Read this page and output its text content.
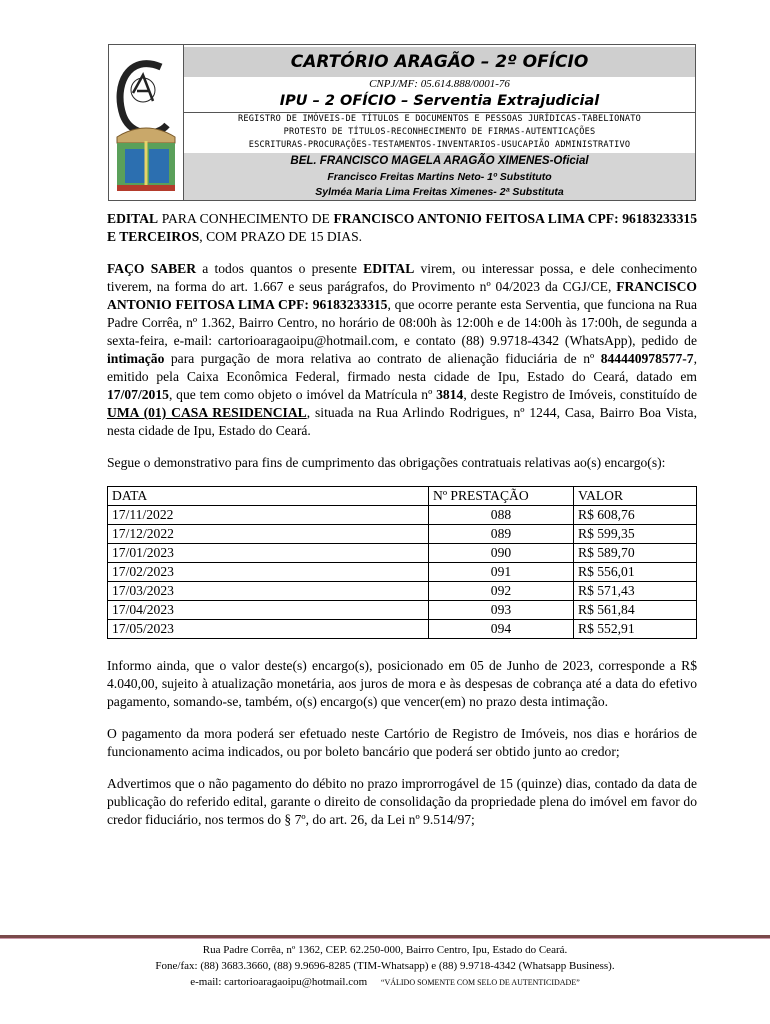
CARTÓRIO ARAGÃO – 2º OFÍCIO
CNPJ/MF: 05.614.888/0001-76
IPU – 2 OFÍCIO – Serventia Extrajudicial
REGISTRO DE IMÓVEIS-DE TÍTULOS E DOCUMENTOS E PESSOAS JURÍDICAS-TABELIONATO
PROTESTO DE TÍTULOS-RECONHECIMENTO DE FIRMAS-AUTENTICAÇÕES
ESCRITURAS-PROCURAÇÕES-TESTAMENTOS-INVENTARIOS-USUCAPIÃO ADMINISTRATIVO
BEL. FRANCISCO MAGELA ARAGÃO XIMENES-Oficial
Francisco Freitas Martins Neto- 1º Substituto
Sylméa Maria Lima Freitas Ximenes- 2ª Substituta

EDITAL PARA CONHECIMENTO DE FRANCISCO ANTONIO FEITOSA LIMA CPF: 96183233315 E TERCEIROS, COM PRAZO DE 15 DIAS.

FAÇO SABER a todos quantos o presente EDITAL virem, ou interessar possa, e dele conhecimento tiverem, na forma do art. 1.667 e seus parágrafos, do Provimento nº 04/2023 da CGJ/CE, FRANCISCO ANTONIO FEITOSA LIMA CPF: 96183233315, que ocorre perante esta Serventia, que funciona na Rua Padre Corrêa, nº 1.362, Bairro Centro, no horário de 08:00h às 12:00h e de 14:00h às 17:00h, de segunda a sexta-feira, e-mail: cartorioaragaoipu@hotmail.com, e contato (88) 9.9718-4342 (WhatsApp), pedido de intimação para purgação de mora relativa ao contrato de alienação fiduciária de nº 844440978577-7, emitido pela Caixa Econômica Federal, firmado nesta cidade de Ipu, Estado do Ceará, datado em 17/07/2015, que tem como objeto o imóvel da Matrícula nº 3814, deste Registro de Imóveis, constituído de UMA (01) CASA RESIDENCIAL, situada na Rua Arlindo Rodrigues, nº 1244, Casa, Bairro Boa Vista, nesta cidade de Ipu, Estado do Ceará.

Segue o demonstrativo para fins de cumprimento das obrigações contratuais relativas ao(s) encargo(s):

DATA	Nº PRESTAÇÃO	VALOR
17/11/2022	088	R$ 608,76
17/12/2022	089	R$ 599,35
17/01/2023	090	R$ 589,70
17/02/2023	091	R$ 556,01
17/03/2023	092	R$ 571,43
17/04/2023	093	R$ 561,84
17/05/2023	094	R$ 552,91

Informo ainda, que o valor deste(s) encargo(s), posicionado em 05 de Junho de 2023, corresponde a R$ 4.040,00, sujeito à atualização monetária, aos juros de mora e às despesas de cobrança até a data do efetivo pagamento, somando-se, também, o(s) encargo(s) que vencer(em) no prazo desta intimação.

O pagamento da mora poderá ser efetuado neste Cartório de Registro de Imóveis, nos dias e horários de funcionamento acima indicados, ou por boleto bancário que poderá ser obtido junto ao credor;

Advertimos que o não pagamento do débito no prazo improrrogável de 15 (quinze) dias, contado da data de publicação do referido edital, garante o direito de consolidação da propriedade plena do imóvel em favor do credor fiduciário, nos termos do § 7º, do art. 26, da Lei nº 9.514/97;

Rua Padre Corrêa, nº 1362, CEP. 62.250-000, Bairro Centro, Ipu, Estado do Ceará.
Fone/fax: (88) 3683.3660, (88) 9.9696-8285 (TIM-Whatsapp) e (88) 9.9718-4342 (Whatsapp Business).
e-mail: cartorioaragaoipu@hotmail.com “VÁLIDO SOMENTE COM SELO DE AUTENTICIDADE”
